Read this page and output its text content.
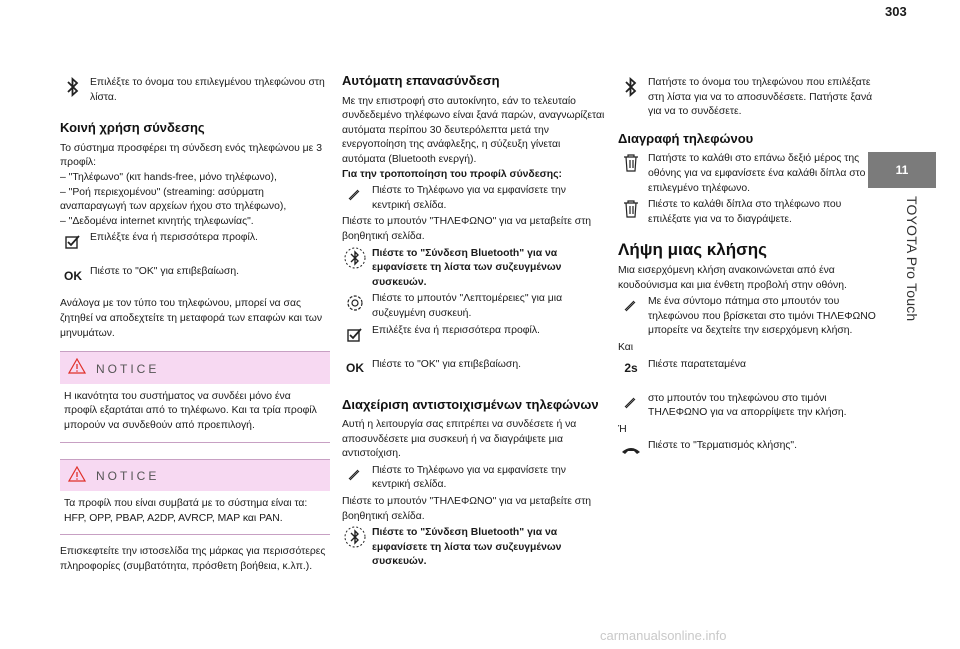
303
11
TOYOTA Pro Touch

Επιλέξτε το όνομα του επιλεγμένου τηλεφώνου στη λίστα.

Κοινή χρήση σύνδεσης

Το σύστημα προσφέρει τη σύνδεση ενός τηλεφώνου με 3 προφίλ:

– "Τηλέφωνο" (κιτ hands-free, μόνο τηλέφωνο),

– "Ροή περιεχομένου" (streaming: ασύρματη αναπαραγωγή των αρχείων ήχου στο τηλέφωνο),

– "Δεδομένα internet κινητής τηλεφωνίας".

Επιλέξτε ένα ή περισσότερα προφίλ.

OK Πιέστε το "OK" για επιβεβαίωση.

Ανάλογα με τον τύπο του τηλεφώνου, μπορεί να σας ζητηθεί να αποδεχτείτε τη μεταφορά των επαφών και των μηνυμάτων.

NOTICE
Η ικανότητα του συστήματος να συνδέει μόνο ένα προφίλ εξαρτάται από το τηλέφωνο. Και τα τρία προφίλ μπορούν να συνδεθούν από προεπιλογή.
NOTICE
Τα προφίλ που είναι συμβατά με το σύστημα είναι τα: HFP, OPP, PBAP, A2DP, AVRCP, MAP και PAN.

Επισκεφτείτε την ιστοσελίδα της μάρκας για περισσότερες πληροφορίες (συμβατότητα, πρόσθετη βοήθεια, κ.λπ.).

Αυτόματη επανασύνδεση

Με την επιστροφή στο αυτοκίνητο, εάν το τελευταίο συνδεδεμένο τηλέφωνο είναι ξανά παρών, αναγνωρίζεται αυτόματα περίπου 30 δευτερόλεπτα μετά την ενεργοποίηση της ανάφλεξης, η σύζευξη γίνεται αυτόματα (Bluetooth ενεργή).

Για την τροποποίηση του προφίλ σύνδεσης:

Πιέστε το Τηλέφωνο για να εμφανίσετε την κεντρική σελίδα.

Πιέστε το μπουτόν "ΤΗΛΕΦΩΝΟ" για να μεταβείτε στη βοηθητική σελίδα.

Πιέστε το "Σύνδεση Bluetooth" για να εμφανίσετε τη λίστα των συζευγμένων συσκευών.

Πιέστε το μπουτόν "Λεπτομέρειες" για μια συζευγμένη συσκευή.

Επιλέξτε ένα ή περισσότερα προφίλ.

OK Πιέστε το "OK" για επιβεβαίωση.

Διαχείριση αντιστοιχισμένων τηλεφώνων

Αυτή η λειτουργία σας επιτρέπει να συνδέσετε ή να αποσυνδέσετε μια συσκευή ή να διαγράψετε μια αντιστοίχιση.

Πιέστε το Τηλέφωνο για να εμφανίσετε την κεντρική σελίδα.

Πιέστε το μπουτόν "ΤΗΛΕΦΩΝΟ" για να μεταβείτε στη βοηθητική σελίδα.

Πιέστε το "Σύνδεση Bluetooth" για να εμφανίσετε τη λίστα των συζευγμένων συσκευών.

Πατήστε το όνομα του τηλεφώνου που επιλέξατε στη λίστα για να το αποσυνδέσετε. Πατήστε ξανά για να το συνδέσετε.

Διαγραφή τηλεφώνου

Πατήστε το καλάθι στο επάνω δεξιό μέρος της οθόνης για να εμφανίσετε ένα καλάθι δίπλα στο επιλεγμένο τηλέφωνο.

Πιέστε το καλάθι δίπλα στο τηλέφωνο που επιλέξατε για να το διαγράψετε.

Λήψη μιας κλήσης

Μια εισερχόμενη κλήση ανακοινώνεται από ένα κουδούνισμα και μια ένθετη προβολή στην οθόνη.

Με ένα σύντομο πάτημα στο μπουτόν του τηλεφώνου που βρίσκεται στο τιμόνι ΤΗΛΕΦΩΝΟ μπορείτε να δεχτείτε την εισερχόμενη κλήση.

Και

2s Πιέστε παρατεταμένα

στο μπουτόν του τηλεφώνου στο τιμόνι ΤΗΛΕΦΩΝΟ για να απορρίψετε την κλήση.

Ή

Πιέστε το "Τερματισμός κλήσης".

carmanualsonline.info
